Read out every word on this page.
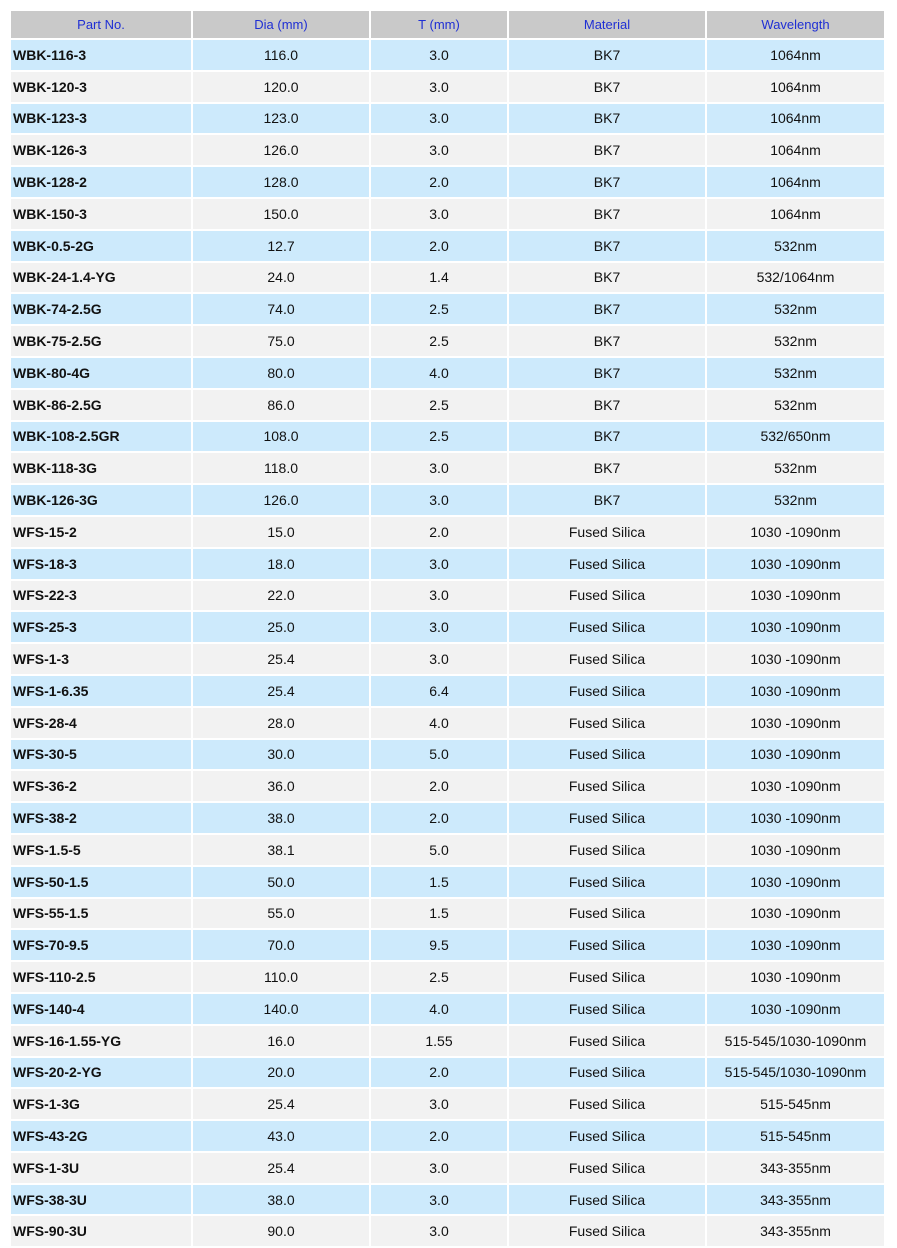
Part No.	Dia (mm)	T (mm)	Material	Wavelength
WBK-116-3	116.0	3.0	BK7	1064nm
WBK-120-3	120.0	3.0	BK7	1064nm
WBK-123-3	123.0	3.0	BK7	1064nm
WBK-126-3	126.0	3.0	BK7	1064nm
WBK-128-2	128.0	2.0	BK7	1064nm
WBK-150-3	150.0	3.0	BK7	1064nm
WBK-0.5-2G	12.7	2.0	BK7	532nm
WBK-24-1.4-YG	24.0	1.4	BK7	532/1064nm
WBK-74-2.5G	74.0	2.5	BK7	532nm
WBK-75-2.5G	75.0	2.5	BK7	532nm
WBK-80-4G	80.0	4.0	BK7	532nm
WBK-86-2.5G	86.0	2.5	BK7	532nm
WBK-108-2.5GR	108.0	2.5	BK7	532/650nm
WBK-118-3G	118.0	3.0	BK7	532nm
WBK-126-3G	126.0	3.0	BK7	532nm
WFS-15-2	15.0	2.0	Fused Silica	1030 -1090nm
WFS-18-3	18.0	3.0	Fused Silica	1030 -1090nm
WFS-22-3	22.0	3.0	Fused Silica	1030 -1090nm
WFS-25-3	25.0	3.0	Fused Silica	1030 -1090nm
WFS-1-3	25.4	3.0	Fused Silica	1030 -1090nm
WFS-1-6.35	25.4	6.4	Fused Silica	1030 -1090nm
WFS-28-4	28.0	4.0	Fused Silica	1030 -1090nm
WFS-30-5	30.0	5.0	Fused Silica	1030 -1090nm
WFS-36-2	36.0	2.0	Fused Silica	1030 -1090nm
WFS-38-2	38.0	2.0	Fused Silica	1030 -1090nm
WFS-1.5-5	38.1	5.0	Fused Silica	1030 -1090nm
WFS-50-1.5	50.0	1.5	Fused Silica	1030 -1090nm
WFS-55-1.5	55.0	1.5	Fused Silica	1030 -1090nm
WFS-70-9.5	70.0	9.5	Fused Silica	1030 -1090nm
WFS-110-2.5	110.0	2.5	Fused Silica	1030 -1090nm
WFS-140-4	140.0	4.0	Fused Silica	1030 -1090nm
WFS-16-1.55-YG	16.0	1.55	Fused Silica	515-545/1030-1090nm
WFS-20-2-YG	20.0	2.0	Fused Silica	515-545/1030-1090nm
WFS-1-3G	25.4	3.0	Fused Silica	515-545nm
WFS-43-2G	43.0	2.0	Fused Silica	515-545nm
WFS-1-3U	25.4	3.0	Fused Silica	343-355nm
WFS-38-3U	38.0	3.0	Fused Silica	343-355nm
WFS-90-3U	90.0	3.0	Fused Silica	343-355nm
